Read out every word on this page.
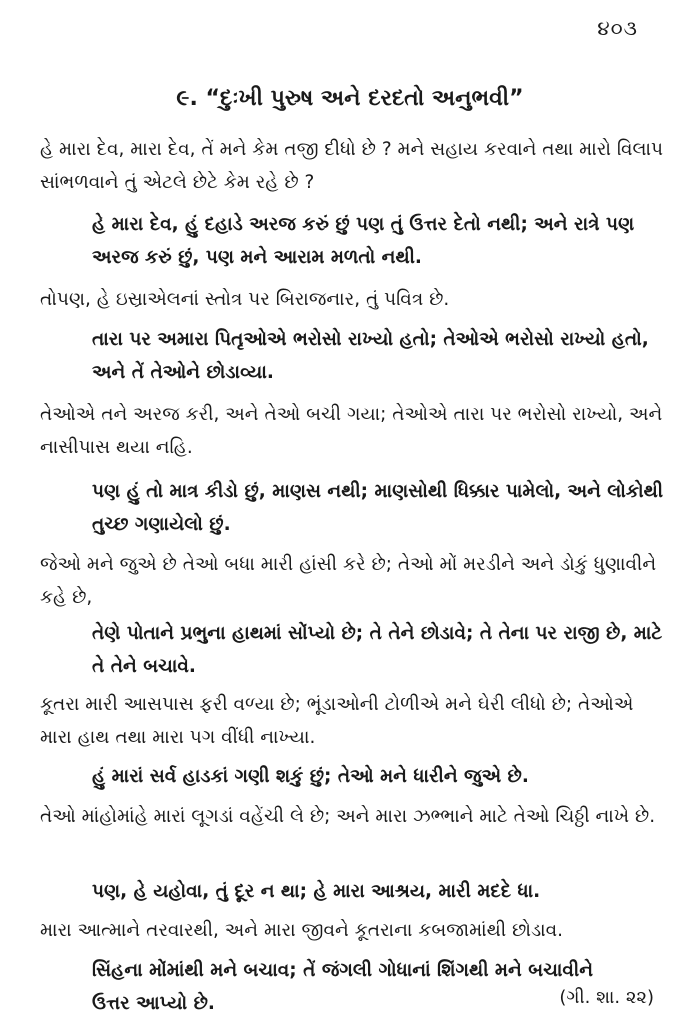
૪૦૩
૯. “દુઃખી પુરુષ અને દરદતો અનુભવી”

હે મારા દેવ, મારા દેવ, તેં મને કેમ તજી દીધો છે ? મને સહાય કરવાને તથા મારો વિલાપ સાંભળવાને તું એટલે છેટે કેમ રહે છે ?

હે મારા દેવ, હું દહાડે અરજ કરું છું પણ તું ઉત્તર દેતો નથી; અને રાત્રે પણ અરજ કરું છું, પણ મને આરામ મળતો નથી.

તોપણ, હે ઇસ્રાએલનાં સ્તોત્ર પર બિરાજનાર, તું પવિત્ર છે.

તારા પર અમારા પિતૃઓએ ભરોસો રાખ્યો હતો; તેઓએ ભરોસો રાખ્યો હતો, અને તેં તેઓને છોડાવ્યા.

તેઓએ તને અરજ કરી, અને તેઓ બચી ગયા; તેઓએ તારા પર ભરોસો રાખ્યો, અને નાસીપાસ થયા નહિ.

પણ હું તો માત્ર કીડો છું, માણસ નથી; માણસોથી ધિક્કાર પામેલો, અને લોકોથી તુચ્છ ગણાયેલો છું.

જેઓ મને જુએ છે તેઓ બધા મારી હાંસી કરે છે; તેઓ મોં મરડીને અને ડોકું ધુણાવીને કહે છે,

તેણે પોતાને પ્રભુના હાથમાં સોંપ્યો છે; તે તેને છોડાવે; તે તેના પર રાજી છે, માટે તે તેને બચાવે.

કૂતરા મારી આસપાસ ફરી વળ્યા છે; ભૂંડાઓની ટોળીએ મને ઘેરી લીધો છે; તેઓએ મારા હાથ તથા મારા પગ વીંધી નાખ્યા.

હું મારાં સર્વ હાડકાં ગણી શકું છું; તેઓ મને ધારીને જુએ છે.

તેઓ માંહોમાંહે મારાં લૂગડાં વહેંચી લે છે; અને મારા ઝભ્ભાને માટે તેઓ ચિઠ્ઠી નાખે છે.

પણ, હે યહોવા, તું દૂર ન થા; હે મારા આશ્રય, મારી મદદે ધા.

મારા આત્માને તરવારથી, અને મારા જીવને કૂતરાના કબજામાંથી છોડાવ.

સિંહના મોંમાંથી મને બચાવ; તેં જંગલી ગોધાનાં શિંગથી મને બચાવીને ઉત્તર આપ્યો છે.	(ગી. શા. ૨૨)
